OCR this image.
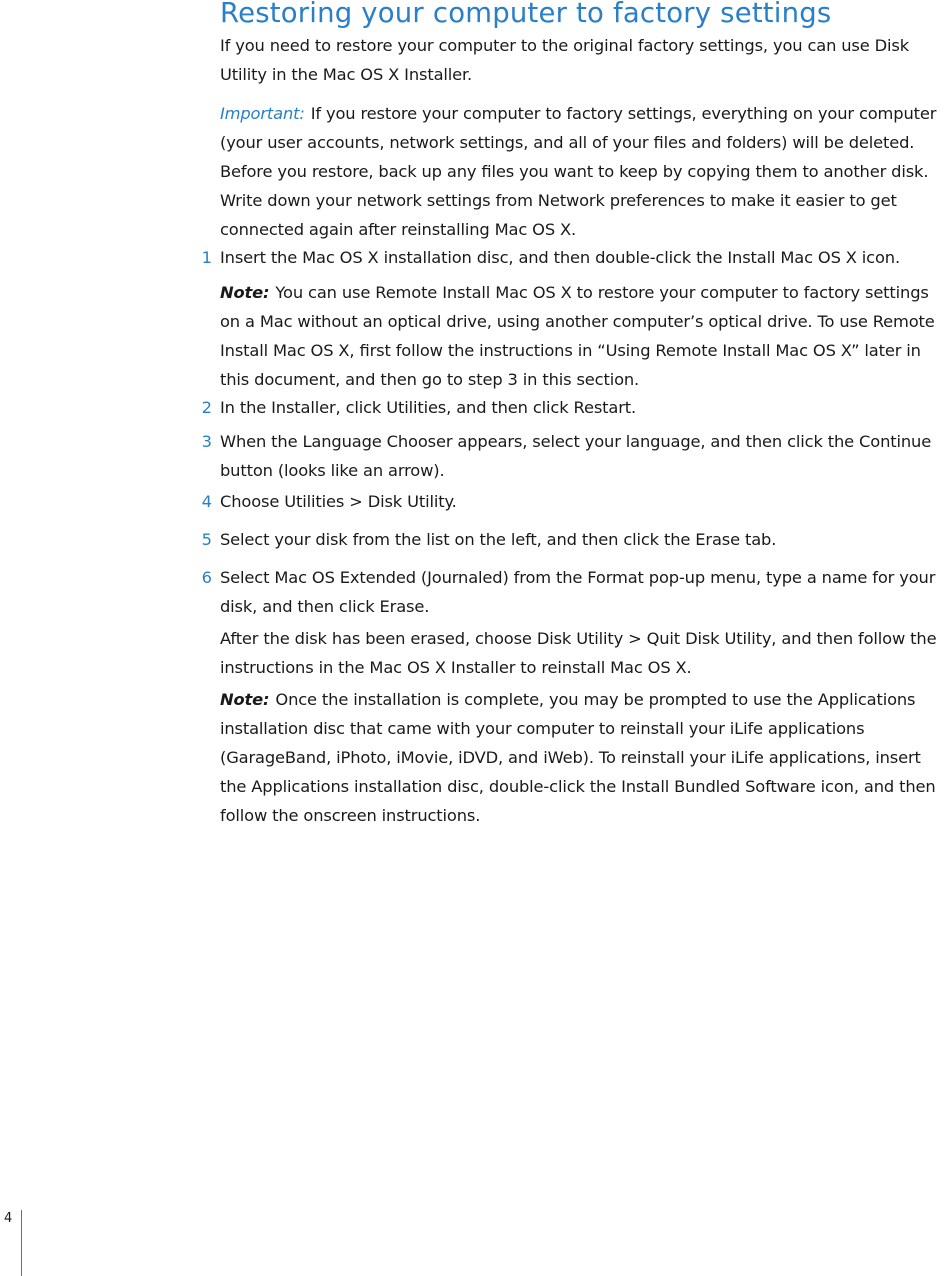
Restoring your computer to factory settings

If you need to restore your computer to the original factory settings, you can use Disk Utility in the Mac OS X Installer.

Important: If you restore your computer to factory settings, everything on your computer (your user accounts, network settings, and all of your ﬁles and folders) will be deleted. Before you restore, back up any ﬁles you want to keep by copying them to another disk. Write down your network settings from Network preferences to make it easier to get connected again after reinstalling Mac OS X.

1 Insert the Mac OS X installation disc, and then double-click the Install Mac OS X icon.

Note: You can use Remote Install Mac OS X to restore your computer to factory settings on a Mac without an optical drive, using another computer’s optical drive. To use Remote Install Mac OS X, ﬁrst follow the instructions in “Using Remote Install Mac OS X” later in this document, and then go to step 3 in this section.

2 In the Installer, click Utilities, and then click Restart.

3 When the Language Chooser appears, select your language, and then click the Continue button (looks like an arrow).

4 Choose Utilities > Disk Utility.

5 Select your disk from the list on the left, and then click the Erase tab.

6 Select Mac OS Extended (Journaled) from the Format pop-up menu, type a name for your disk, and then click Erase.

After the disk has been erased, choose Disk Utility > Quit Disk Utility, and then follow the instructions in the Mac OS X Installer to reinstall Mac OS X.

Note: Once the installation is complete, you may be prompted to use the Applications installation disc that came with your computer to reinstall your iLife applications (GarageBand, iPhoto, iMovie, iDVD, and iWeb). To reinstall your iLife applications, insert the Applications installation disc, double-click the Install Bundled Software icon, and then follow the onscreen instructions.

4
